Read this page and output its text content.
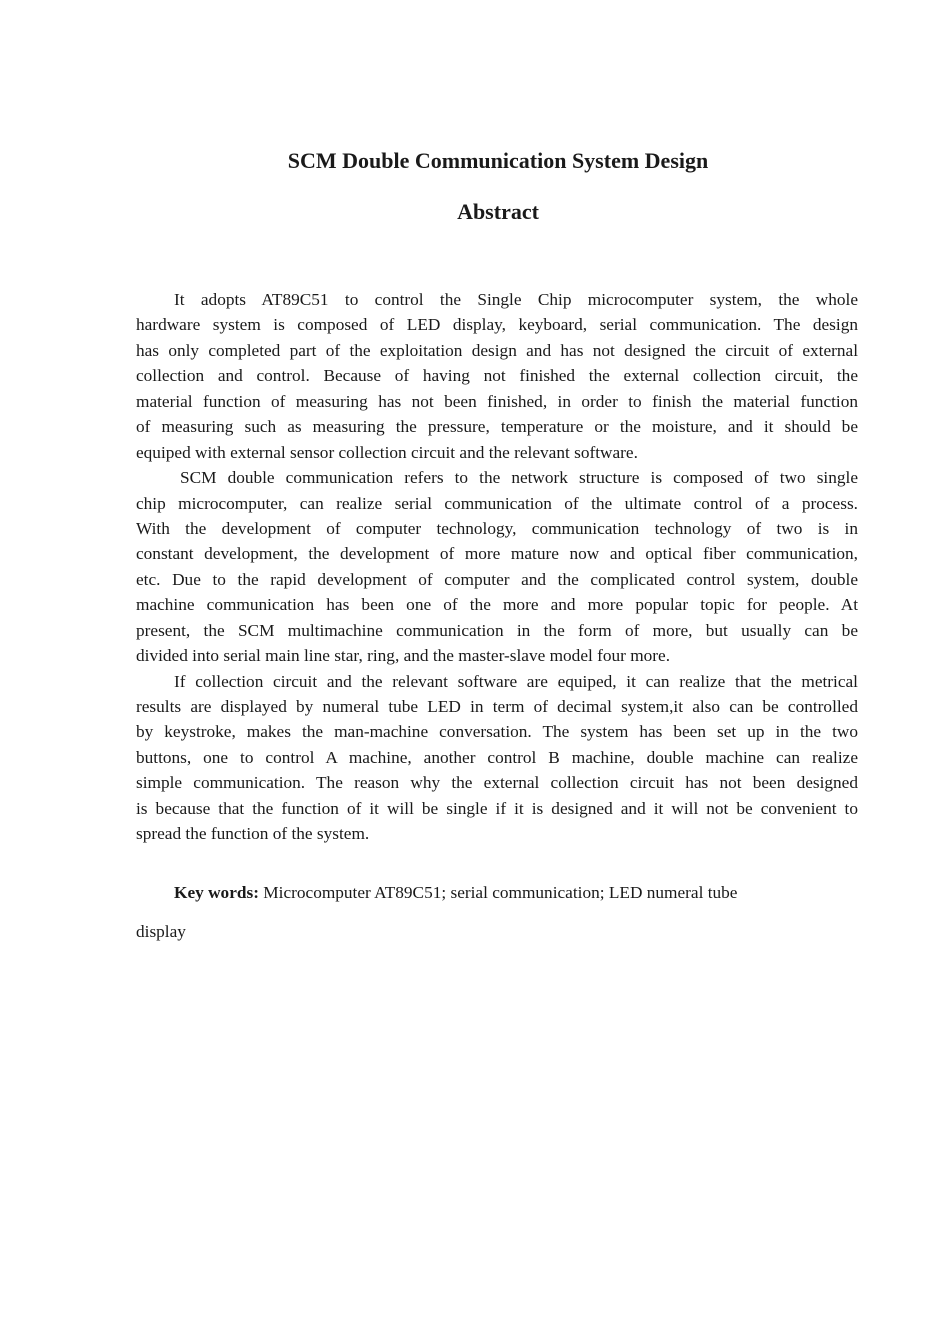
SCM Double Communication System Design
Abstract
It adopts AT89C51 to control the Single Chip microcomputer system, the whole
hardware system is composed of LED display, keyboard, serial communication. The design
has only completed part of the exploitation design and has not designed the circuit of external
collection and control. Because of having not finished the external collection circuit, the
material function of measuring has not been finished, in order to finish the material function
of measuring such as measuring the pressure, temperature or the moisture, and it should be
equiped with external sensor collection circuit and the relevant software.
SCM double communication refers to the network structure is composed of two single
chip microcomputer, can realize serial communication of the ultimate control of a process.
With the development of computer technology, communication technology of two is in
constant development, the development of more mature now and optical fiber communication,
etc. Due to the rapid development of computer and the complicated control system, double
machine communication has been one of the more and more popular topic for people. At
present, the SCM multimachine communication in the form of more, but usually can be
divided into serial main line star, ring, and the master-slave model four more.
If collection circuit and the relevant software are equiped, it can realize that the metrical
results are displayed by numeral tube LED in term of decimal system,it also can be controlled
by keystroke, makes the man-machine conversation. The system has been set up in the two
buttons, one to control A machine, another control B machine, double machine can realize
simple communication. The reason why the external collection circuit has not been designed
is because that the function of it will be single if it is designed and it will not be convenient to
spread the function of the system.
Key words: Microcomputer AT89C51; serial communication; LED numeral tube
display
